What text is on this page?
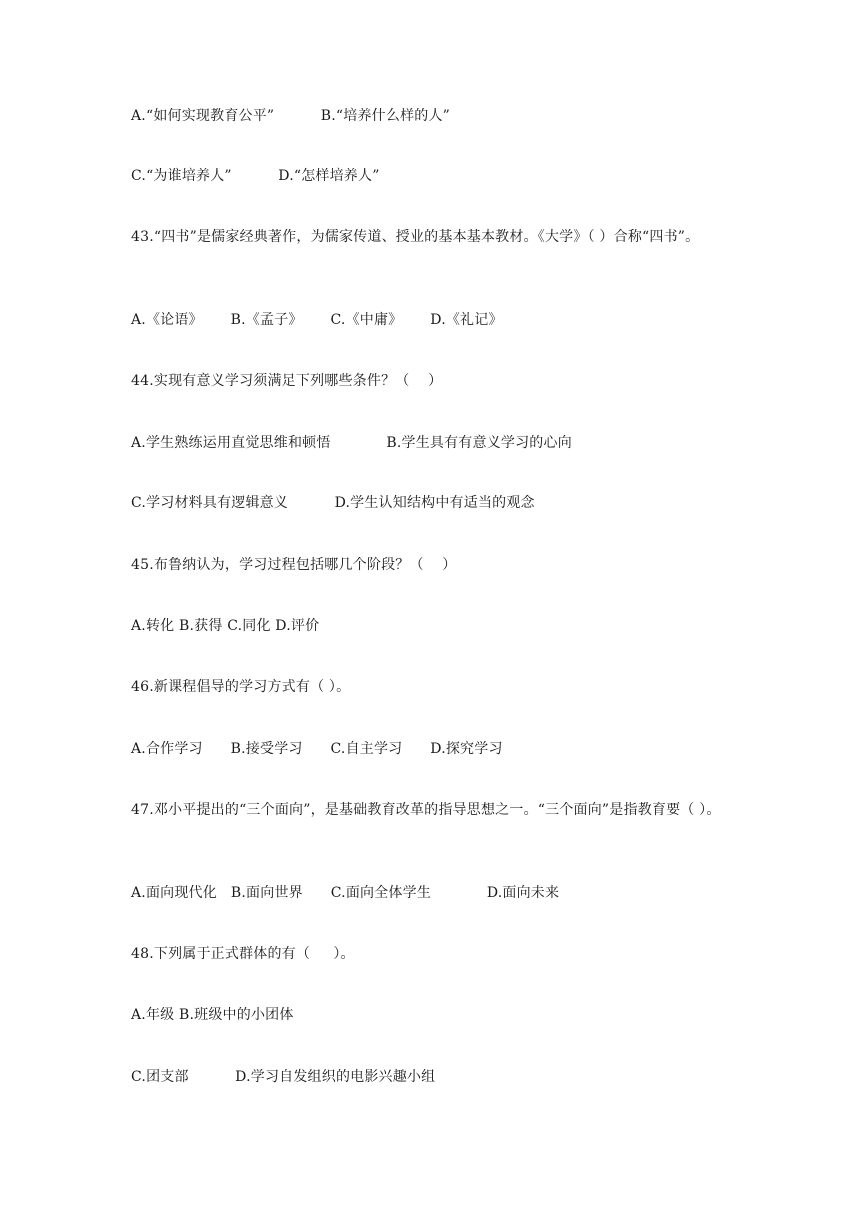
A.“如何实现教育公平”          B.“培养什么样的人”
C.“为谁培养人”          D.“怎样培养人”
43.“四书”是儒家经典著作，为儒家传道、授业的基本基本教材。《大学》（ ）合称“四书”。
A.《论语》      B.《孟子》      C.《中庸》      D.《礼记》
44.实现有意义学习须满足下列哪些条件？（    ）
A.学生熟练运用直觉思维和顿悟            B.学生具有有意义学习的心向
C.学习材料具有逻辑意义          D.学生认知结构中有适当的观念
45.布鲁纳认为，学习过程包括哪几个阶段？（    ）
A.转化 B.获得 C.同化 D.评价
46.新课程倡导的学习方式有（ ）。
A.合作学习      B.接受学习      C.自主学习      D.探究学习
47.邓小平提出的“三个面向”，是基础教育改革的指导思想之一。“三个面向”是指教育要（ ）。
A.面向现代化   B.面向世界      C.面向全体学生            D.面向未来
48.下列属于正式群体的有（     ）。
A.年级 B.班级中的小团体
C.团支部          D.学习自发组织的电影兴趣小组
